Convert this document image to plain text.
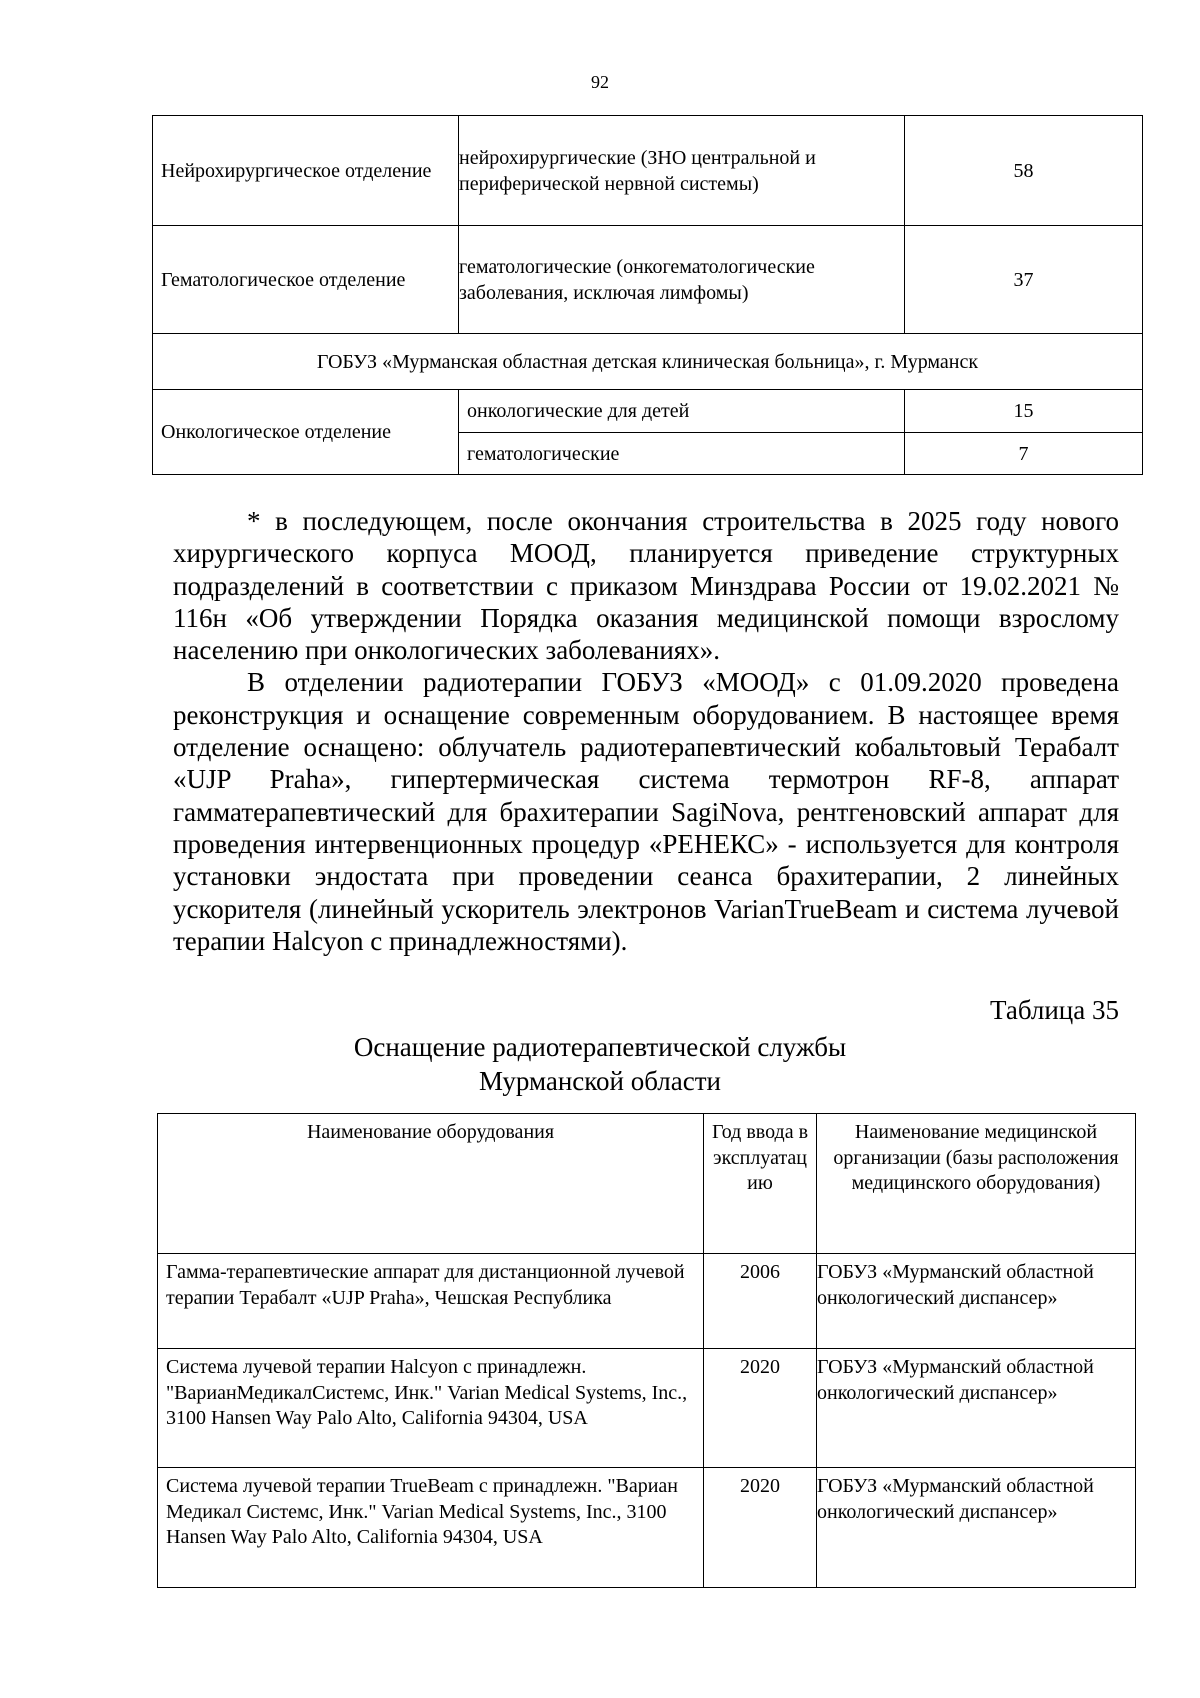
92
Нейрохирургическое отделение	нейрохирургические (ЗНО центральной и периферической нервной системы)	58
Гематологическое отделение	гематологические (онкогематологические заболевания, исключая лимфомы)	37
ГОБУЗ «Мурманская областная детская клиническая больница», г. Мурманск		
Онкологическое отделение	онкологические для детей	15
	гематологические	7

* в последующем, после окончания строительства в 2025 году нового хирургического корпуса МООД, планируется приведение структурных подразделений в соответствии с приказом Минздрава России от 19.02.2021 № 116н «Об утверждении Порядка оказания медицинской помощи взрослому населению при онкологических заболеваниях».

В отделении радиотерапии ГОБУЗ «МООД» с 01.09.2020 проведена реконструкция и оснащение современным оборудованием. В настоящее время отделение оснащено: облучатель радиотерапевтический кобальтовый Терабалт «UJP Praha», гипертермическая система термотрон RF-8, аппарат гамматерапевтический для брахитерапии SagiNova, рентгеновский аппарат для проведения интервенционных процедур «РЕНЕКС» - используется для контроля установки эндостата при проведении сеанса брахитерапии, 2 линейных ускорителя (линейный ускоритель электронов VarianTrueBeam и система лучевой терапии Halcyon с принадлежностями).

Таблица 35
Оснащение радиотерапевтической службы
Мурманской области
Наименование оборудования	Год ввода в эксплуатац ию	Наименование медицинской организации (базы расположения медицинского оборудования)
Гамма-терапевтические аппарат для дистанционной лучевой терапии Терабалт «UJP Praha», Чешская Республика	2006	ГОБУЗ «Мурманский областной онкологический диспансер»
Система лучевой терапии Halcyon с принадлежн. "ВарианМедикалСистемс, Инк." Varian Medical Systems, Inc., 3100 Hansen Way Palo Alto, California 94304, USA	2020	ГОБУЗ «Мурманский областной онкологический диспансер»
Система лучевой терапии TrueBeam с принадлежн. "Вариан Медикал Системс, Инк." Varian Medical Systems, Inc., 3100 Hansen Way Palo Alto, California 94304, USA	2020	ГОБУЗ «Мурманский областной онкологический диспансер»
